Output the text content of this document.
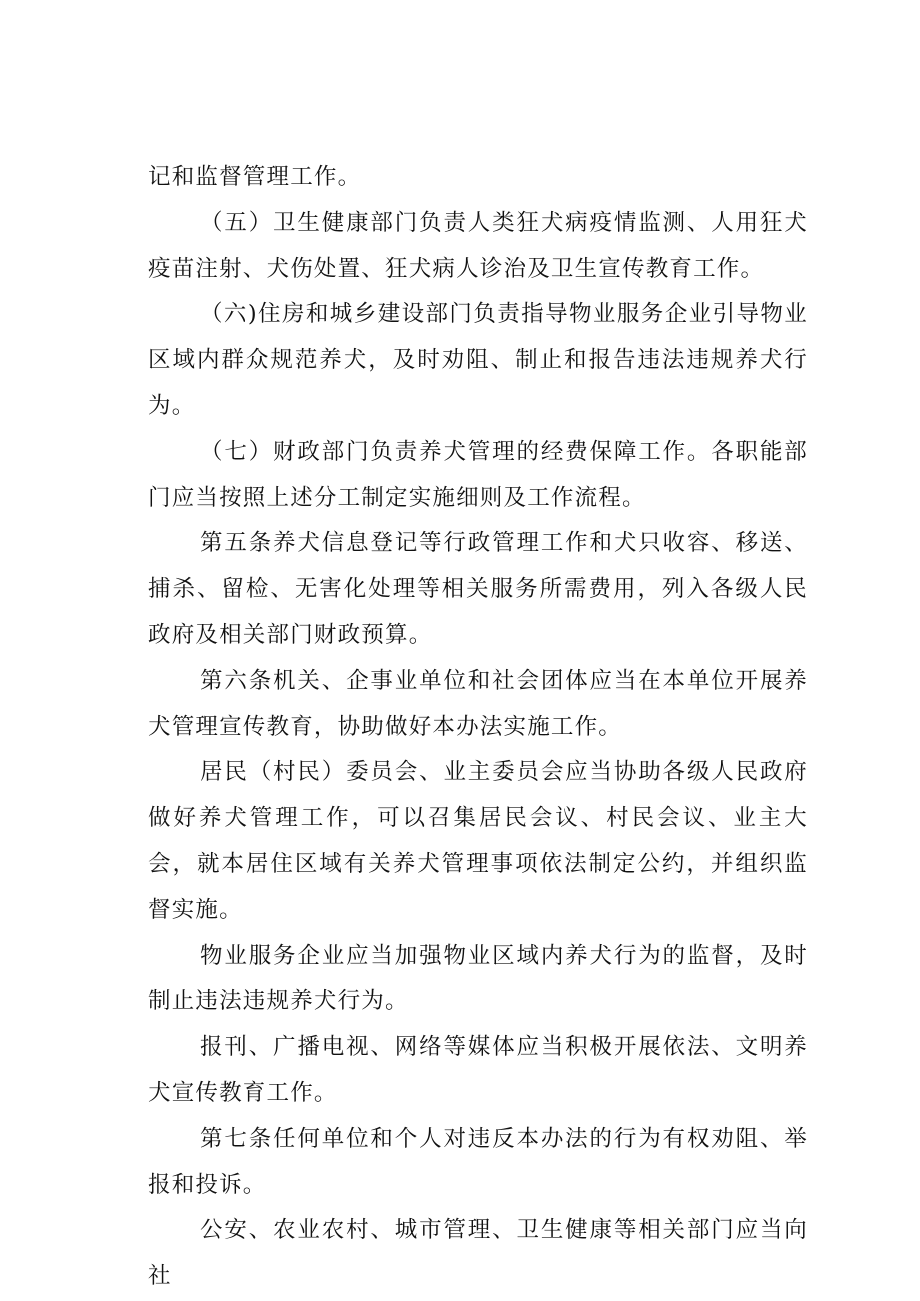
记和监督管理工作。

（五）卫生健康部门负责人类狂犬病疫情监测、人用狂犬疫苗注射、犬伤处置、狂犬病人诊治及卫生宣传教育工作。

（六)住房和城乡建设部门负责指导物业服务企业引导物业区域内群众规范养犬，及时劝阻、制止和报告违法违规养犬行为。

（七）财政部门负责养犬管理的经费保障工作。各职能部门应当按照上述分工制定实施细则及工作流程。

第五条养犬信息登记等行政管理工作和犬只收容、移送、捕杀、留检、无害化处理等相关服务所需费用，列入各级人民政府及相关部门财政预算。

第六条机关、企事业单位和社会团体应当在本单位开展养犬管理宣传教育，协助做好本办法实施工作。

居民（村民）委员会、业主委员会应当协助各级人民政府做好养犬管理工作，可以召集居民会议、村民会议、业主大会，就本居住区域有关养犬管理事项依法制定公约，并组织监督实施。

物业服务企业应当加强物业区域内养犬行为的监督，及时制止违法违规养犬行为。

报刊、广播电视、网络等媒体应当积极开展依法、文明养犬宣传教育工作。

第七条任何单位和个人对违反本办法的行为有权劝阻、举报和投诉。

公安、农业农村、城市管理、卫生健康等相关部门应当向社
